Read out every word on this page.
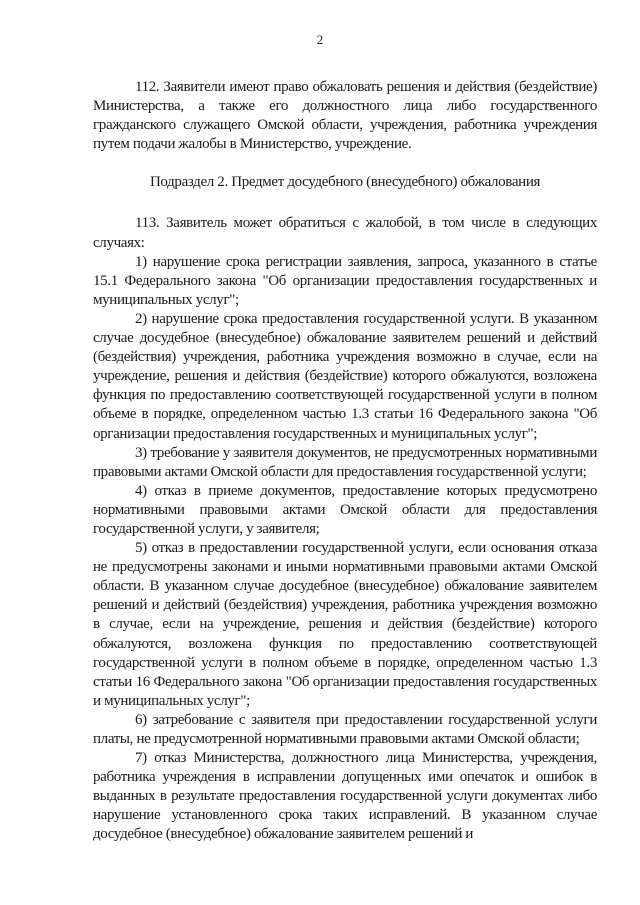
2

112. Заявители имеют право обжаловать решения и действия (бездействие) Министерства, а также его должностного лица либо государственного гражданского служащего Омской области, учреждения, работника учреждения путем подачи жалобы в Министерство, учреждение.

Подраздел 2. Предмет досудебного (внесудебного) обжалования

113. Заявитель может обратиться с жалобой, в том числе в следующих случаях:

1) нарушение срока регистрации заявления, запроса, указанного в статье 15.1 Федерального закона "Об организации предоставления государственных и муниципальных услуг";

2) нарушение срока предоставления государственной услуги. В указанном случае досудебное (внесудебное) обжалование заявителем решений и действий (бездействия) учреждения, работника учреждения возможно в случае, если на учреждение, решения и действия (бездействие) которого обжалуются, возложена функция по предоставлению соответствующей государственной услуги в полном объеме в порядке, определенном частью 1.3 статьи 16 Федерального закона "Об организации предоставления государственных и муниципальных услуг";

3) требование у заявителя документов, не предусмотренных нормативными правовыми актами Омской области для предоставления государственной услуги;

4) отказ в приеме документов, предоставление которых предусмотрено нормативными правовыми актами Омской области для предоставления государственной услуги, у заявителя;

5) отказ в предоставлении государственной услуги, если основания отказа не предусмотрены законами и иными нормативными правовыми актами Омской области. В указанном случае досудебное (внесудебное) обжалование заявителем решений и действий (бездействия) учреждения, работника учреждения возможно в случае, если на учреждение, решения и действия (бездействие) которого обжалуются, возложена функция по предоставлению соответствующей государственной услуги в полном объеме в порядке, определенном частью 1.3 статьи 16 Федерального закона "Об организации предоставления государственных и муниципальных услуг";

6) затребование с заявителя при предоставлении государственной услуги платы, не предусмотренной нормативными правовыми актами Омской области;

7) отказ Министерства, должностного лица Министерства, учреждения, работника учреждения в исправлении допущенных ими опечаток и ошибок в выданных в результате предоставления государственной услуги документах либо нарушение установленного срока таких исправлений. В указанном случае досудебное (внесудебное) обжалование заявителем решений и
